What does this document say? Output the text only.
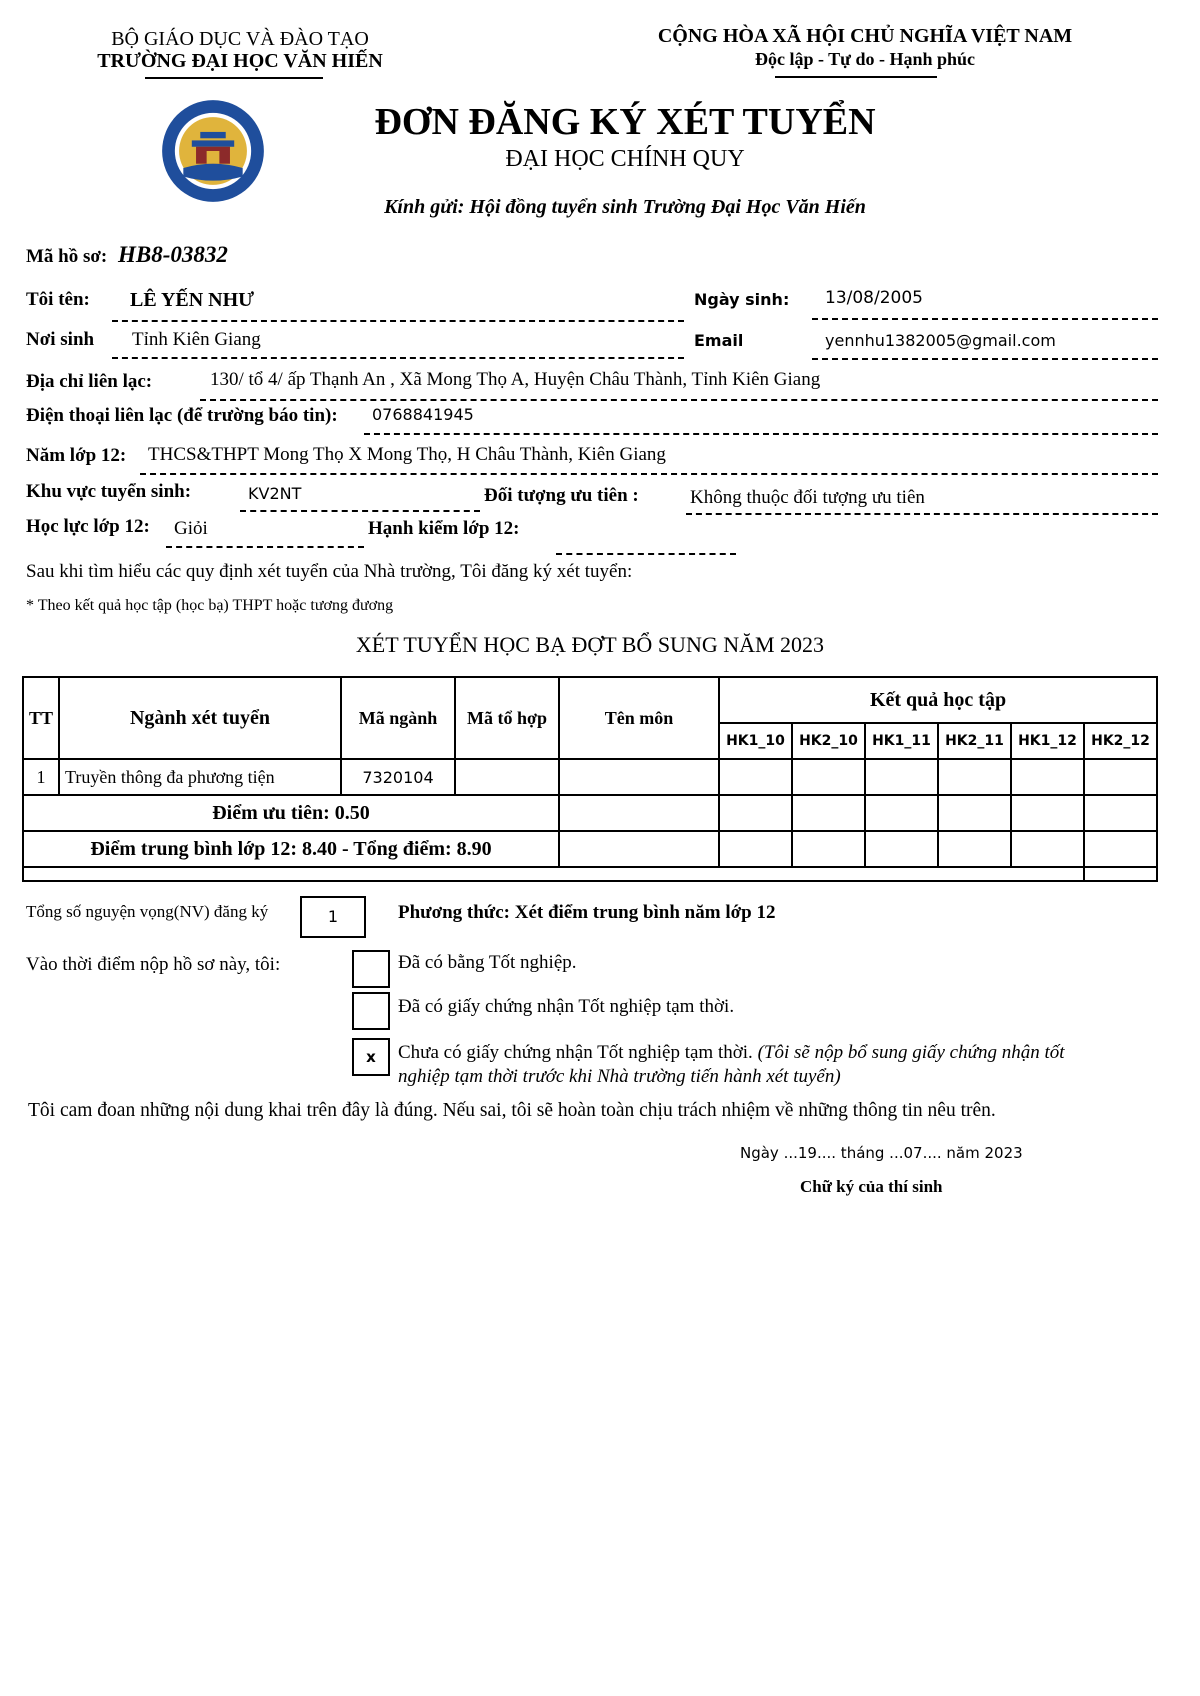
BỘ GIÁO DỤC VÀ ĐÀO TẠO
TRƯỜNG ĐẠI HỌC VĂN HIẾN
CỘNG HÒA XÃ HỘI CHỦ NGHĨA VIỆT NAM
Độc lập - Tự do - Hạnh phúc
ĐƠN ĐĂNG KÝ XÉT TUYỂN
ĐẠI HỌC CHÍNH QUY
Kính gửi: Hội đồng tuyển sinh Trường Đại Học Văn Hiến
Mã hồ sơ: HB8-03832
Tôi tên: LÊ YẾN NHƯ	Ngày sinh: 13/08/2005
Nơi sinh Tỉnh Kiên Giang	Email	yennhu1382005@gmail.com
Địa chỉ liên lạc:	130/ tổ 4/ ấp Thạnh An , Xã Mong Thọ A, Huyện Châu Thành, Tỉnh Kiên Giang
Điện thoại liên lạc (để trường báo tin): 0768841945
Năm lớp 12: THCS&THPT Mong Thọ X Mong Thọ, H Châu Thành, Kiên Giang
Khu vực tuyển sinh:	KV2NT	Đối tượng ưu tiên :	Không thuộc đối tượng ưu tiên
Học lực lớp 12: Giỏi	Hạnh kiểm lớp 12:
Sau khi tìm hiểu các quy định xét tuyển của Nhà trường, Tôi đăng ký xét tuyển:
* Theo kết quả học tập (học bạ) THPT hoặc tương đương
XÉT TUYỂN HỌC BẠ ĐỢT BỔ SUNG NĂM 2023
TT	Ngành xét tuyển	Mã ngành	Mã tổ hợp	Tên môn	Kết quả học tập					
					HK1_10	HK2_10	HK1_11	HK2_11	HK1_12	HK2_12
1	Truyền thông đa phương tiện	7320104								
Điểm ưu tiên: 0.50										
Điểm trung bình lớp 12: 8.40 - Tổng điểm: 8.90										

Tổng số nguyện vọng(NV) đăng ký	1	Phương thức: Xét điểm trung bình năm lớp 12
Vào thời điểm nộp hồ sơ này, tôi:	Đã có bằng Tốt nghiệp.
Đã có giấy chứng nhận Tốt nghiệp tạm thời.
x	Chưa có giấy chứng nhận Tốt nghiệp tạm thời. (Tôi sẽ nộp bổ sung giấy chứng nhận tốt
nghiệp tạm thời trước khi Nhà trường tiến hành xét tuyển)
Tôi cam đoan những nội dung khai trên đây là đúng. Nếu sai, tôi sẽ hoàn toàn chịu trách nhiệm về những thông tin nêu trên.
Ngày ...19.... tháng ...07.... năm 2023
Chữ ký của thí sinh
